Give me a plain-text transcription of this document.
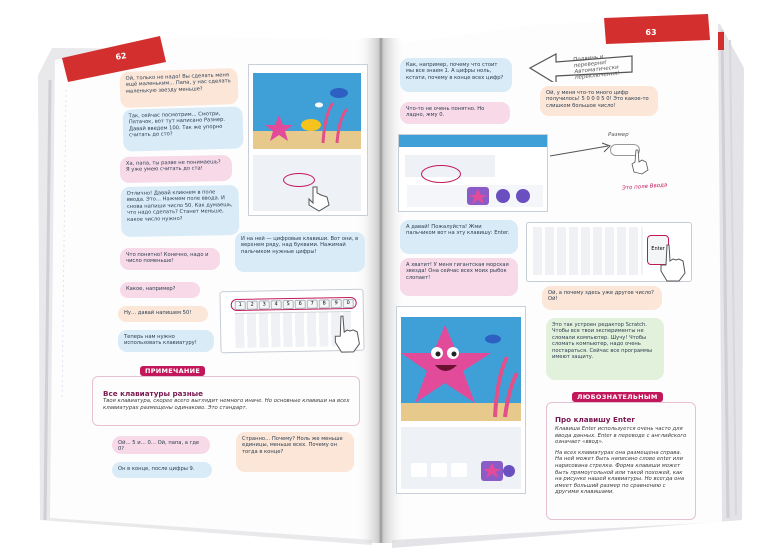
62
63
Ой, только не надо! Вы сделать меня ещё маленьким... Папа, у нас сделать маленькую звезду меньше?
Так, сейчас посмотрим... Смотри, Пятачок, вот тут написано Размер. Давай введем 100. Так же упорно считать до сто?
Ха, папа, ты разве не понимаешь? Я уже умею считать до ста!
Отлично! Давай кликнем в поле ввода. Это... Нажмем поле ввода. И снова напиши число 50. Как думаешь, что надо сделать? Станет меньше, какое число нужно?
Что понятно! Конечно, надо и число поменьше!
И на ней — цифровые клавиши. Вот они, в верхнем ряду, над буквами. Нажимай пальчиком нужные цифры!
Какое, например?
Ну… давай напишем 50!
Теперь нам нужно использовать клавиатуру!
1	2	3	4	5	6	7	8	9	0
Все клавиатуры разные
Твоя клавиатура, скорее всего выглядит немного иначе. Но основные клавиши на всех клавиатурах размещены одинаково. Это стандарт.
ПРИМЕЧАНИЕ
Ой… 5 и… 0… Ой, папа, а где 0?
Он в конце, после цифры 9.
Странно… Почему? Ноль же меньше единицы, меньше всех. Почему он тогда в конце?
Подвинь и переверни! Автоматически переключения!
Как, например, почему что стоит мы все знаем 1. А цифры ноль, кстати, почему в конце всех цифр?
Ой, у меня что-то много цифр получилось! 5 0 0 0 5 0! Это какое-то слишком большое число!
Что-то не очень понятно. Но ладно, жму 0.
Размер
Это поле Ввода
А давай! Пожалуйста! Жми пальчиком вот на эту клавишу: Enter.
А хватит! У меня гигантская морская звезда! Она сейчас всех моих рыбок слопает!
Enter
Ой, а почему здесь уже другое число? Ой!
Это так устроен редактор Scratch. Чтобы все твои эксперименты не сломали компьютер. Шучу! Чтобы сломать компьютер, надо очень постараться. Сейчас все программы имеют защиту.
Про клавишу Enter
Клавиша Enter используется очень часто для ввода данных. Enter в переводе с английского означает «ввод».
На всех клавиатурах она размещена справа. На ней может быть написано слово enter или нарисована стрелка. Форма клавиши может быть прямоугольной или такой похожей, как на рисунке нашей клавиатуры. Но всегда она имеет больший размер по сравнению с другими клавишами.
ЛЮБОЗНАТЕЛЬНЫМ
